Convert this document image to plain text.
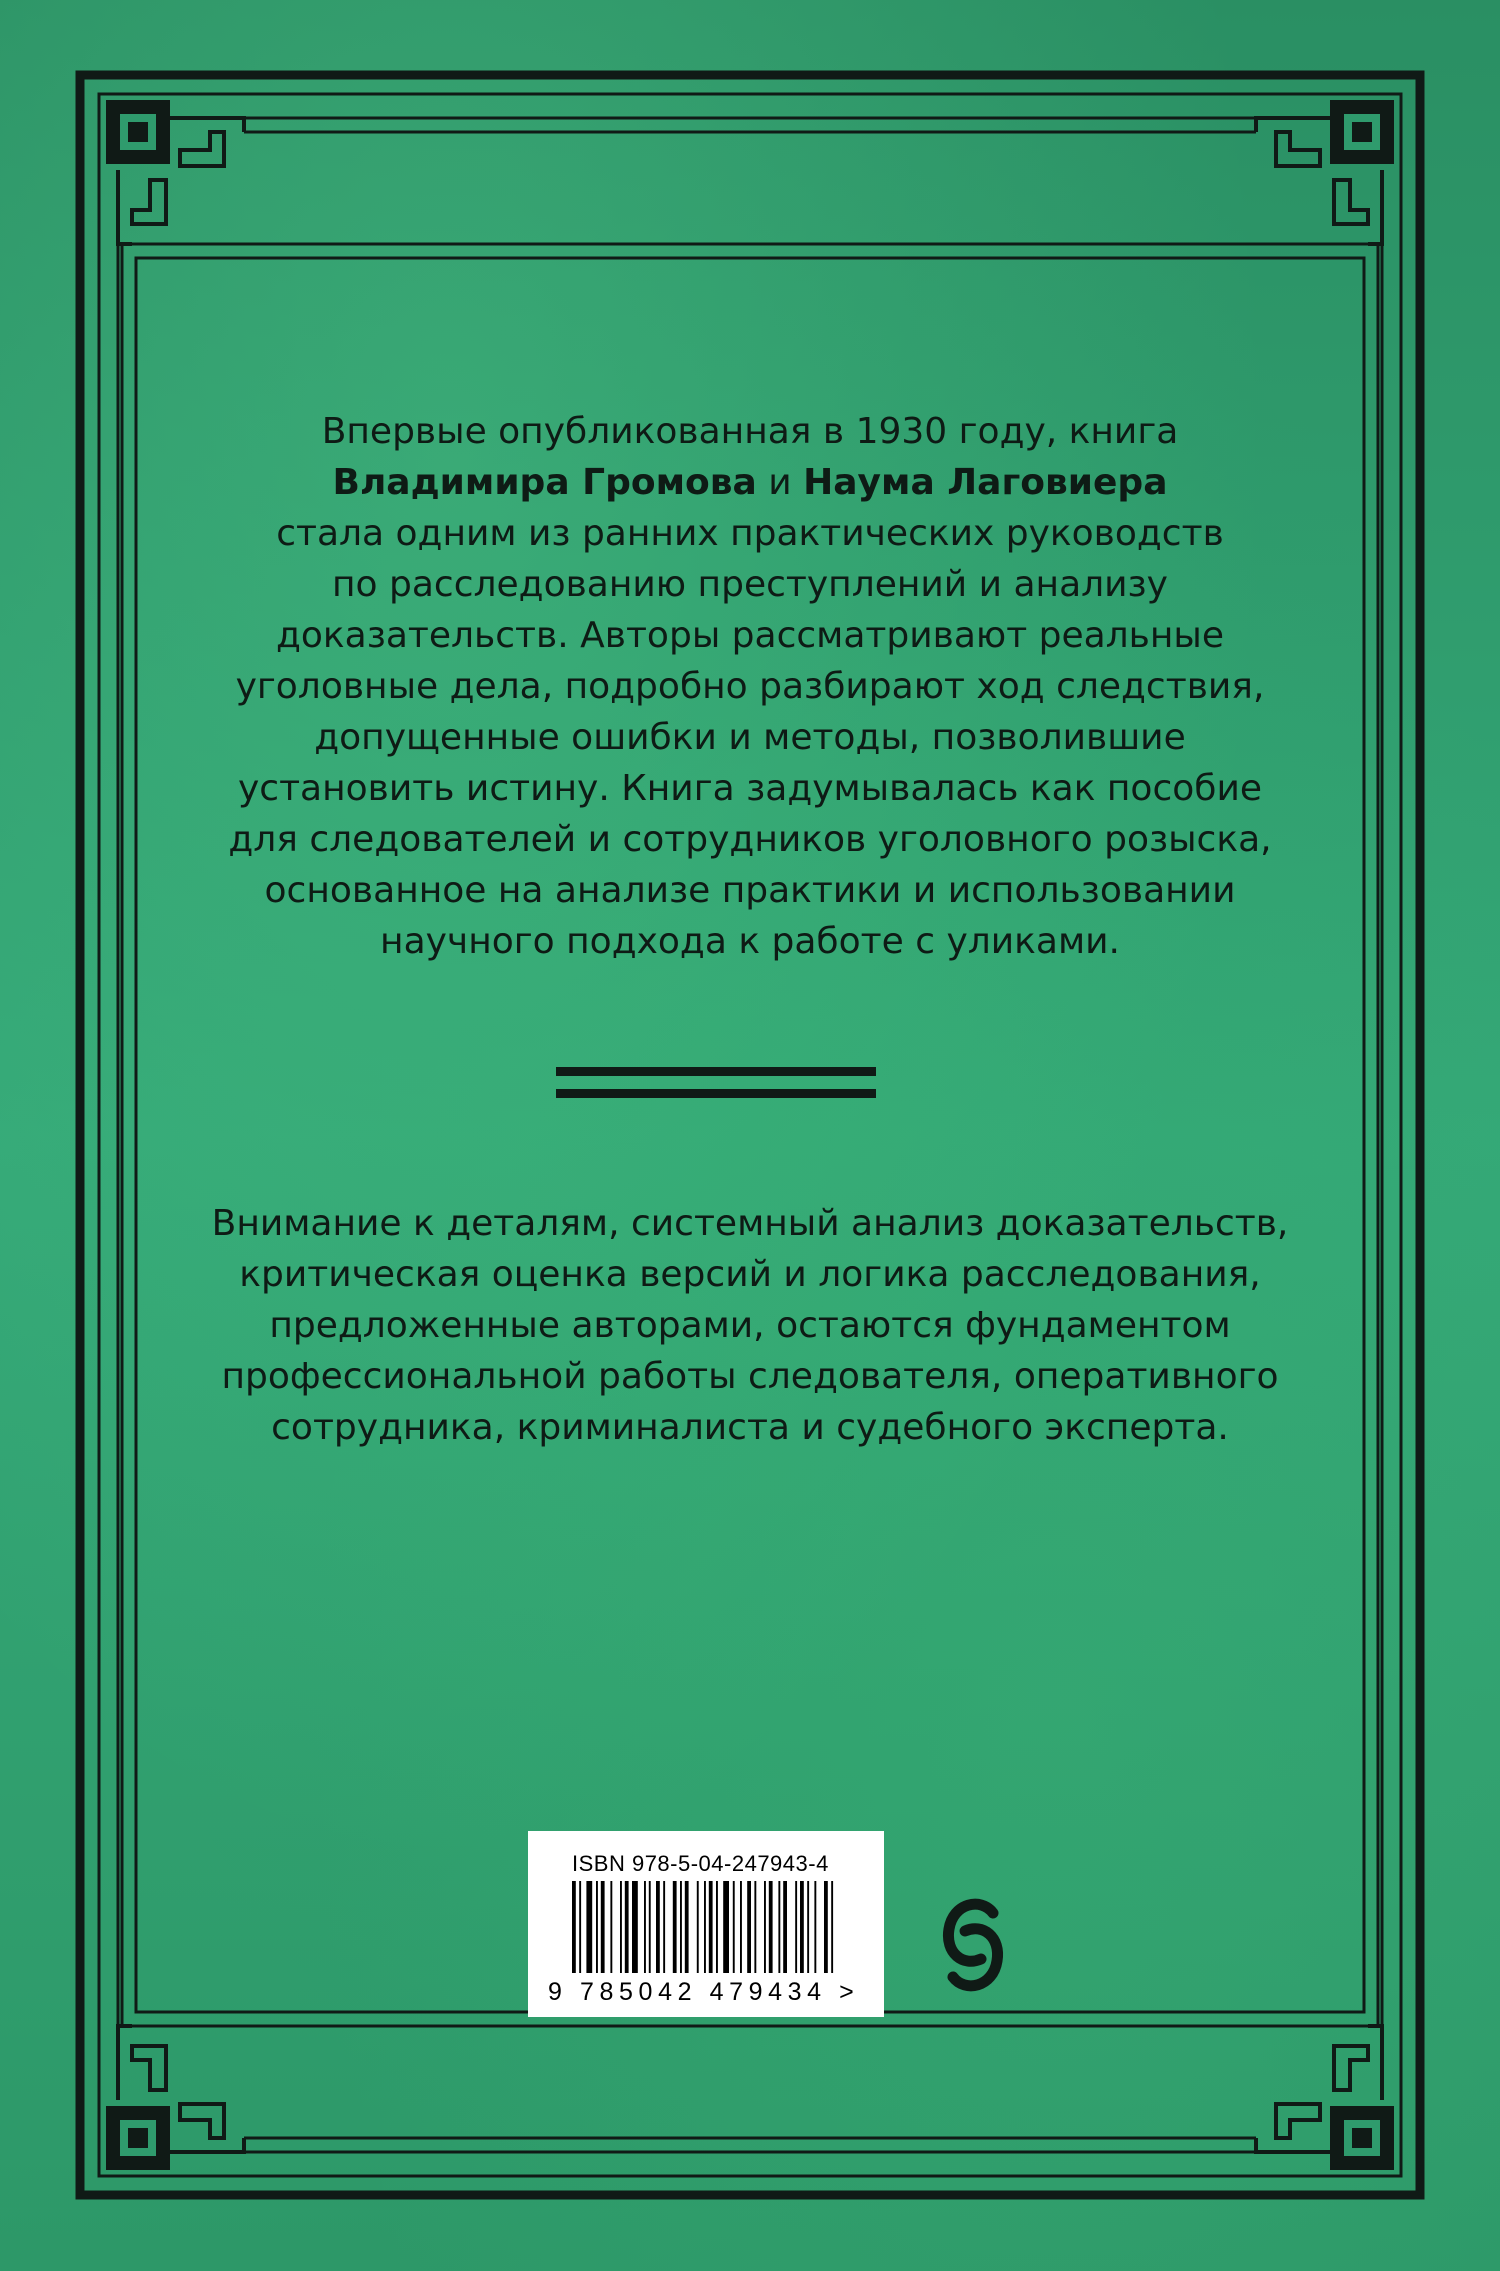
Впервые опубликованная в 1930 году, книга

Владимира Громова и Наума Лаговиера

стала одним из ранних практических руководств

по расследованию преступлений и анализу

доказательств. Авторы рассматривают реальные

уголовные дела, подробно разбирают ход следствия,

допущенные ошибки и методы, позволившие

установить истину. Книга задумывалась как пособие

для следователей и сотрудников уголовного розыска,

основанное на анализе практики и использовании

научного подхода к работе с уликами.

Внимание к деталям, системный анализ доказательств,

критическая оценка версий и логика расследования,

предложенные авторами, остаются фундаментом

профессиональной работы следователя, оперативного

сотрудника, криминалиста и судебного эксперта.

ISBN 978-5-04-247943-4
9 785042 479434 >
